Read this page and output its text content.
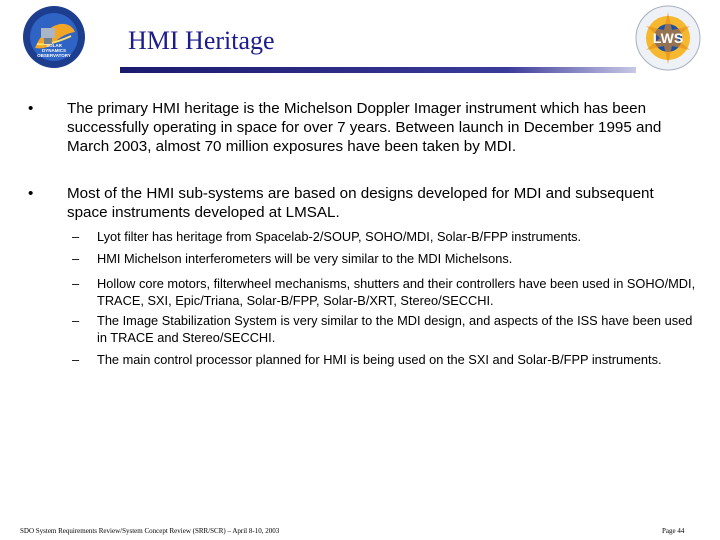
SOLAR
DYNAMICS
OBSERVATORY
HMI Heritage	LWS
• The primary HMI heritage is the Michelson Doppler Imager instrument which has been successfully operating in space for over 7 years. Between launch in December 1995 and March 2003, almost 70 million exposures have been taken by MDI.
• Most of the HMI sub-systems are based on designs developed for MDI and subsequent space instruments developed at LMSAL.
– Lyot filter has heritage from Spacelab-2/SOUP, SOHO/MDI, Solar-B/FPP instruments.
– HMI Michelson interferometers will be very similar to the MDI Michelsons.
– Hollow core motors, filterwheel mechanisms, shutters and their controllers have been used in SOHO/MDI, TRACE, SXI, Epic/Triana, Solar-B/FPP, Solar-B/XRT, Stereo/SECCHI.
– The Image Stabilization System is very similar to the MDI design, and aspects of the ISS have been used in TRACE and Stereo/SECCHI.
– The main control processor planned for HMI is being used on the SXI and Solar-B/FPP instruments.
SDO System Requirements Review/System Concept Review (SRR/SCR) – April 8-10, 2003	Page 44
